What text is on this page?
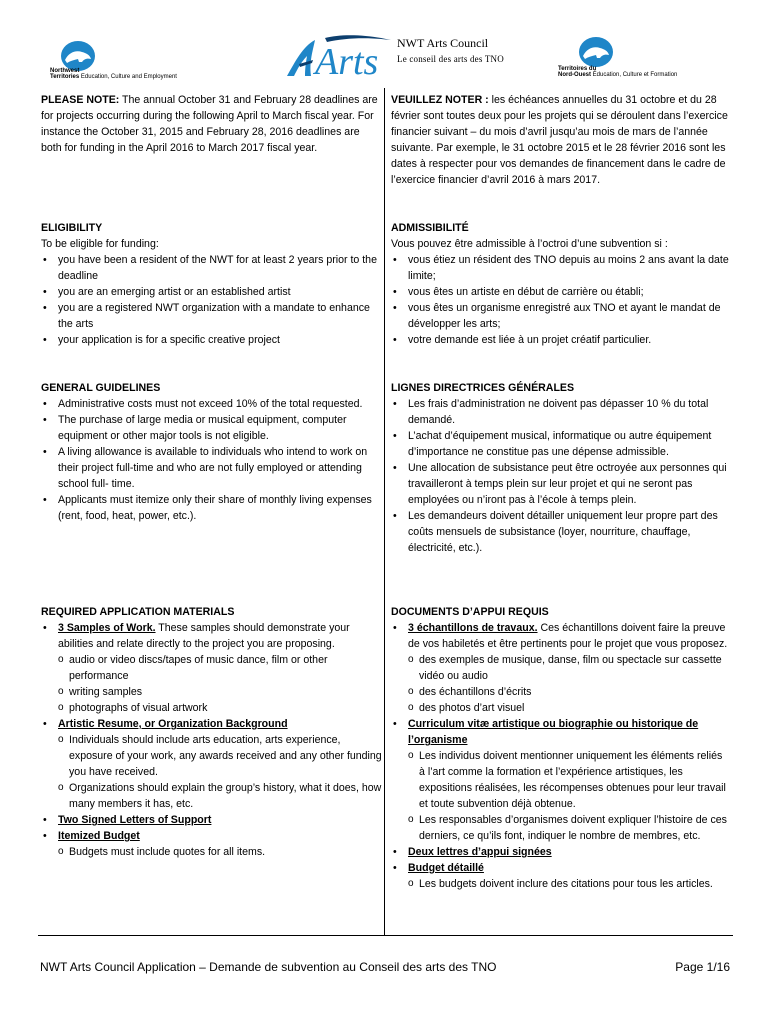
Northwest
Territories Education, Culture and Employment	Arts NWT Arts Council
Le conseil des arts des TNO
Territoires du
Nord-Ouest Éducation, Culture et Formation

PLEASE NOTE: The annual October 31 and February 28 deadlines are for projects occurring during the following April to March fiscal year. For instance the October 31, 2015 and February 28, 2016 deadlines are both for funding in the April 2016 to March 2017 fiscal year.

ELIGIBILITY

To be eligible for funding:

• you have been a resident of the NWT for at least 2 years prior to the deadline
• you are an emerging artist or an established artist
• you are a registered NWT organization with a mandate to enhance the arts
• your application is for a specific creative project

GENERAL GUIDELINES

• Administrative costs must not exceed 10% of the total requested.
• The purchase of large media or musical equipment, computer equipment or other major tools is not eligible.
• A living allowance is available to individuals who intend to work on their project full-time and who are not fully employed or attending school full- time.
• Applicants must itemize only their share of monthly living expenses (rent, food, heat, power, etc.).

REQUIRED APPLICATION MATERIALS

• 3 Samples of Work. These samples should demonstrate your abilities and relate directly to the project you are proposing.
o audio or video discs/tapes of music dance, film or other performance
o writing samples
o photographs of visual artwork
• Artistic Resume, or Organization Background
o Individuals should include arts education, arts experience, exposure of your work, any awards received and any other funding you have received.
o Organizations should explain the group’s history, what it does, how many members it has, etc.
• Two Signed Letters of Support
• Itemized Budget
o Budgets must include quotes for all items.

VEUILLEZ NOTER : les échéances annuelles du 31 octobre et du 28 février sont toutes deux pour les projets qui se déroulent dans l’exercice financier suivant – du mois d’avril jusqu’au mois de mars de l’année suivante. Par exemple, le 31 octobre 2015 et le 28 février 2016 sont les dates à respecter pour vos demandes de financement dans le cadre de l’exercice financier d’avril 2016 à mars 2017.

ADMISSIBILITÉ

Vous pouvez être admissible à l’octroi d’une subvention si :

• vous étiez un résident des TNO depuis au moins 2 ans avant la date limite;
• vous êtes un artiste en début de carrière ou établi;
• vous êtes un organisme enregistré aux TNO et ayant le mandat de développer les arts;
• votre demande est liée à un projet créatif particulier.

LIGNES DIRECTRICES GÉNÉRALES

• Les frais d’administration ne doivent pas dépasser 10 % du total demandé.
• L’achat d’équipement musical, informatique ou autre équipement d’importance ne constitue pas une dépense admissible.
• Une allocation de subsistance peut être octroyée aux personnes qui travailleront à temps plein sur leur projet et qui ne seront pas employées ou n’iront pas à l’école à temps plein.
• Les demandeurs doivent détailler uniquement leur propre part des coûts mensuels de subsistance (loyer, nourriture, chauffage, électricité, etc.).

DOCUMENTS D’APPUI REQUIS

• 3 échantillons de travaux. Ces échantillons doivent faire la preuve de vos habiletés et être pertinents pour le projet que vous proposez.
o des exemples de musique, danse, film ou spectacle sur cassette vidéo ou audio
o des échantillons d’écrits
o des photos d’art visuel
• Curriculum vitæ artistique ou biographie ou historique de l’organisme
o Les individus doivent mentionner uniquement les éléments reliés à l’art comme la formation et l’expérience artistiques, les expositions réalisées, les récompenses obtenues pour leur travail et toute subvention déjà obtenue.
o Les responsables d’organismes doivent expliquer l’histoire de ces derniers, ce qu’ils font, indiquer le nombre de membres, etc.
• Deux lettres d’appui signées
• Budget détaillé
o Les budgets doivent inclure des citations pour tous les articles.
NWT Arts Council Application – Demande de subvention au Conseil des arts des TNO	Page 1/16
